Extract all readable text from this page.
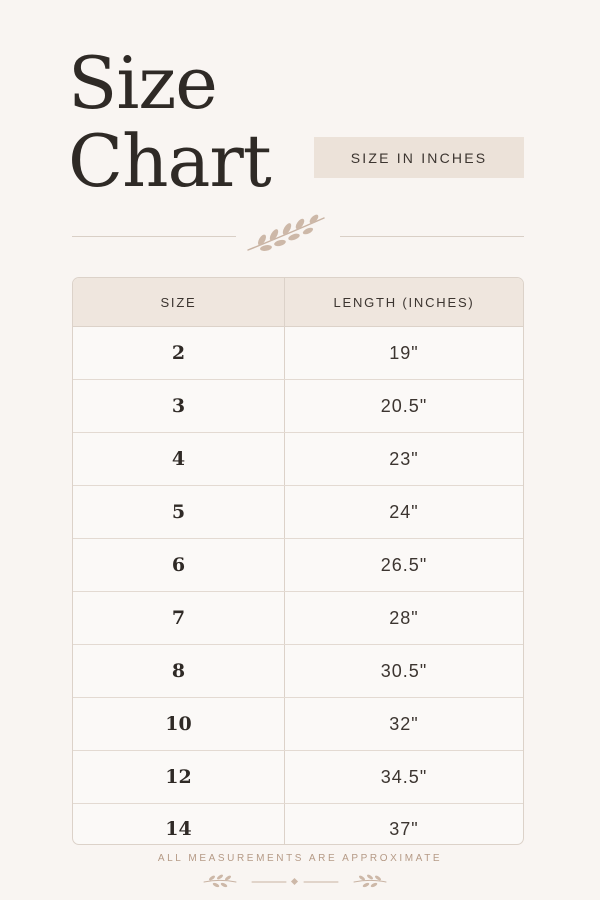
Size
Chart	SIZE IN INCHES
SIZE	LENGTH (INCHES)
2	19"
3	20.5"
4	23"
5	24"
6	26.5"
7	28"
8	30.5"
10	32"
12	34.5"
14	37"
ALL MEASUREMENTS ARE APPROXIMATE
